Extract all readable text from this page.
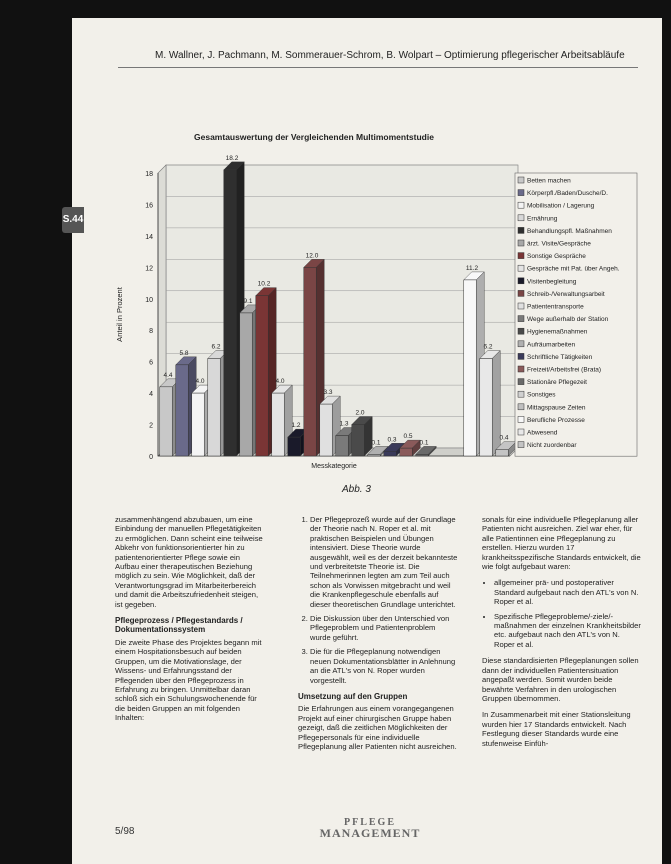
S.44
M. Wallner, J. Pachmann, M. Sommerauer-Schrom, B. Wolpart – Optimierung pflegerischer Arbeitsabläufe
Gesamtauswertung der Vergleichenden Multimomentstudie
0
2
4
6
8
10
12
14
16
18
Anteil in Prozent
Messkategorie
4.4
5.8
4.0
6.2
18.2
9.1
10.2
4.0
1.2
12.0
3.3
1.3
2.0
0.1 0.3 0.5
0.1
11.2
6.2
0.4
Betten machen
Körperpfl./Baden/Dusche/D.
Mobilisation / Lagerung
Ernährung
Behandlungspfl. Maßnahmen
ärzt. Visite/Gespräche
Sonstige Gespräche
Gespräche mit Pat. über Angeh.
Visitenbegleitung
Schreib-/Verwaltungsarbeit
Patiententransporte
Wege außerhalb der Station
Hygienemaßnahmen
Aufräumarbeiten
Schriftliche Tätigkeiten
Freizeit/Arbeitsfrei (Brata)
Stationäre Pflegezeit
Sonstiges
Mittagspause Zeiten
Berufliche Prozesse
Abwesend
Nicht zuordenbar
Abb. 3

zusammenhängend abzubauen, um eine Einbindung der manuellen Pflegetätigkeiten zu ermöglichen. Dann scheint eine teilweise Abkehr von funktionsorientierter hin zu patientenorientierter Pflege sowie ein Aufbau einer therapeutischen Beziehung möglich zu sein. Wie Möglichkeit, daß der Verantwortungsgrad im Mitarbeiterbereich und damit die Arbeitszufriedenheit steigen, ist gegeben.

Pflegeprozess / Pflegestandards / Dokumentationssystem

Die zweite Phase des Projektes begann mit einem Hospitationsbesuch auf beiden Gruppen, um die Motivationslage, der Wissens- und Erfahrungsstand der Pflegenden über den Pflegeprozess in Erfahrung zu bringen. Unmittelbar daran schloß sich ein Schulungswochenende für die beiden Gruppen an mit folgenden Inhalten:

1. Der Pflegeprozeß wurde auf der Grundlage der Theorie nach N. Roper et al. mit praktischen Beispielen und Übungen intensiviert. Diese Theorie wurde ausgewählt, weil es der derzeit bekannteste und verbreitetste Theorie ist. Die Teilnehmerinnen legten am zum Teil auch schon als Vorwissen mitgebracht und weil die Krankenpflegeschule ebenfalls auf dieser theoretischen Grundlage unterichtet.
2. Die Diskussion über den Unterschied von Pflegeproblem und Patientenproblem wurde geführt.
3. Die für die Pflegeplanung notwendigen neuen Dokumentationsblätter in Anlehnung an die ATL's von N. Roper wurden vorgestellt.
Umsetzung auf den Gruppen

Die Erfahrungen aus einem vorangegangenen Projekt auf einer chirurgischen Gruppe haben gezeigt, daß die zeitlichen Möglichkeiten der Pflegepersonals für eine individuelle Pflegeplanung aller Patienten nicht ausreichen.

sonals für eine individuelle Pflegeplanung aller Patienten nicht ausreichen. Ziel war eher, für alle Patientinnen eine Pflegeplanung zu erstellen. Hierzu wurden 17 krankheitsspezifische Standards entwickelt, die wie folgt aufgebaut waren:

• allgemeiner prä- und postoperativer Standard aufgebaut nach den ATL's von N. Roper et al.
• Spezifische Pflegeprobleme/-ziele/-maßnahmen der einzelnen Krankheitsbilder etc. aufgebaut nach den ATL's von N. Roper et al.

Diese standardisierten Pflegeplanungen sollen dann der individuellen Patientensituation angepaßt werden. Somit wurden beide bewährte Verfahren in den urologischen Gruppen übernommen.

In Zusammenarbeit mit einer Stationsleitung wurden hier 17 Standards entwickelt. Nach Festlegung dieser Standards wurde eine stufenweise Einfüh-

5/98
PFLEGE
MANAGEMENT
